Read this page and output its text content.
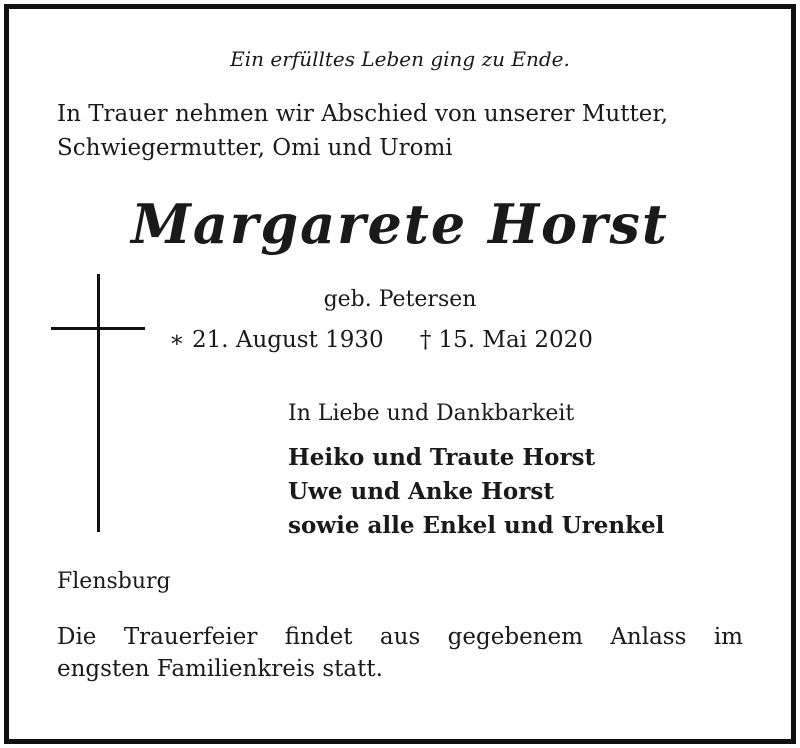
Ein erfülltes Leben ging zu Ende.
In Trauer nehmen wir Abschied von unserer Mutter,
Schwiegermutter, Omi und Uromi
Margarete Horst
geb. Petersen
∗ 21. August 1930 † 15. Mai 2020
In Liebe und Dankbarkeit
Heiko und Traute Horst
Uwe und Anke Horst
sowie alle Enkel und Urenkel
Flensburg
Die Trauerfeier findet aus gegebenem Anlass im
engsten Familienkreis statt.
